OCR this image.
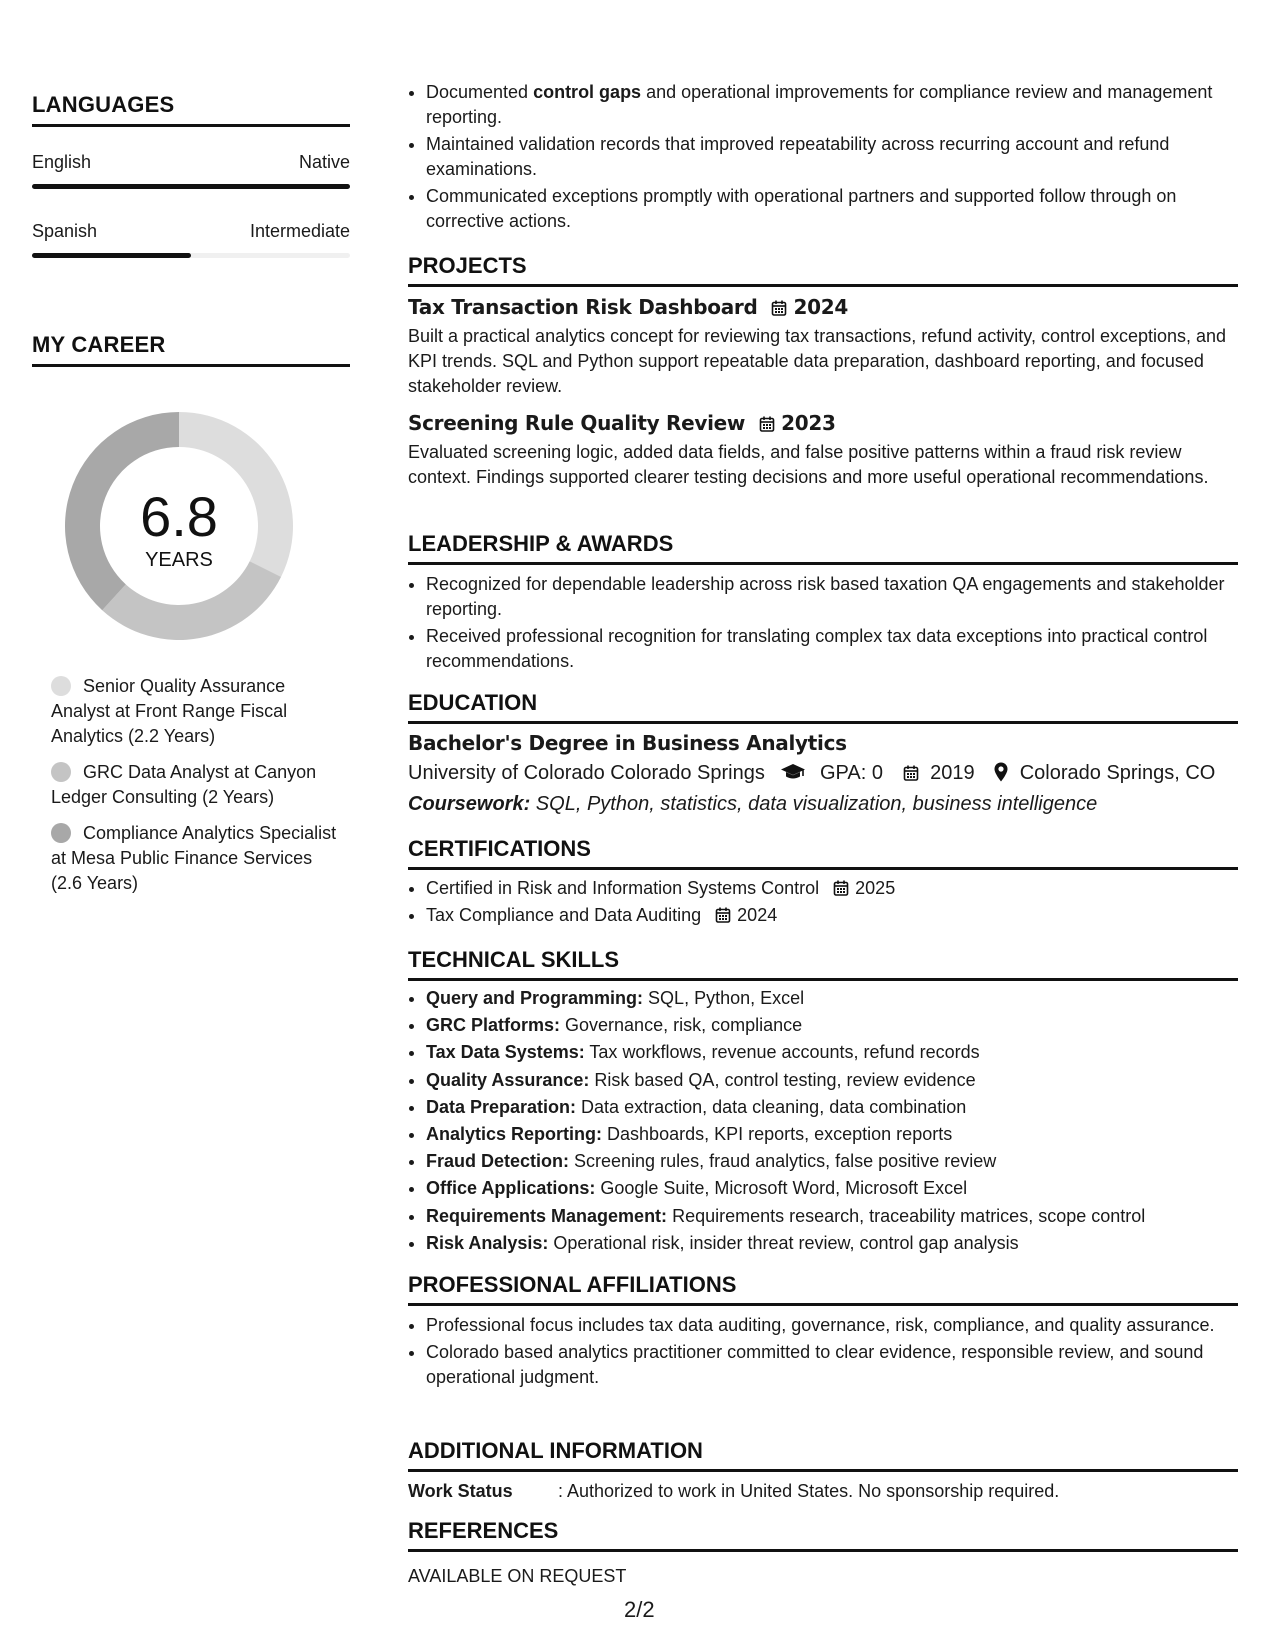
LANGUAGES
English	Native
Spanish	Intermediate
MY CAREER
6.8
YEARS
Senior Quality Assurance Analyst at Front Range Fiscal Analytics (2.2 Years)
GRC Data Analyst at Canyon Ledger Consulting (2 Years)
Compliance Analytics Specialist at Mesa Public Finance Services (2.6 Years)
• Documented control gaps and operational improvements for compliance review and management reporting.
• Maintained validation records that improved repeatability across recurring account and refund examinations.
• Communicated exceptions promptly with operational partners and supported follow through on corrective actions.
PROJECTS
Tax Transaction Risk Dashboard 2024
Built a practical analytics concept for reviewing tax transactions, refund activity, control exceptions, and KPI trends. SQL and Python support repeatable data preparation, dashboard reporting, and focused stakeholder review.
Screening Rule Quality Review 2023
Evaluated screening logic, added data fields, and false positive patterns within a fraud risk review context. Findings supported clearer testing decisions and more useful operational recommendations.
LEADERSHIP & AWARDS
• Recognized for dependable leadership across risk based taxation QA engagements and stakeholder reporting.
• Received professional recognition for translating complex tax data exceptions into practical control recommendations.
EDUCATION
Bachelor's Degree in Business Analytics
University of Colorado Colorado Springs	GPA: 0 2019 Colorado Springs, CO
Coursework: SQL, Python, statistics, data visualization, business intelligence
CERTIFICATIONS
• Certified in Risk and Information Systems Control 2025
• Tax Compliance and Data Auditing 2024
TECHNICAL SKILLS
• Query and Programming: SQL, Python, Excel
• GRC Platforms: Governance, risk, compliance
• Tax Data Systems: Tax workflows, revenue accounts, refund records
• Quality Assurance: Risk based QA, control testing, review evidence
• Data Preparation: Data extraction, data cleaning, data combination
• Analytics Reporting: Dashboards, KPI reports, exception reports
• Fraud Detection: Screening rules, fraud analytics, false positive review
• Office Applications: Google Suite, Microsoft Word, Microsoft Excel
• Requirements Management: Requirements research, traceability matrices, scope control
• Risk Analysis: Operational risk, insider threat review, control gap analysis
PROFESSIONAL AFFILIATIONS
• Professional focus includes tax data auditing, governance, risk, compliance, and quality assurance.
• Colorado based analytics practitioner committed to clear evidence, responsible review, and sound operational judgment.
ADDITIONAL INFORMATION
Work Status	: Authorized to work in United States. No sponsorship required.
REFERENCES
AVAILABLE ON REQUEST
2/2
